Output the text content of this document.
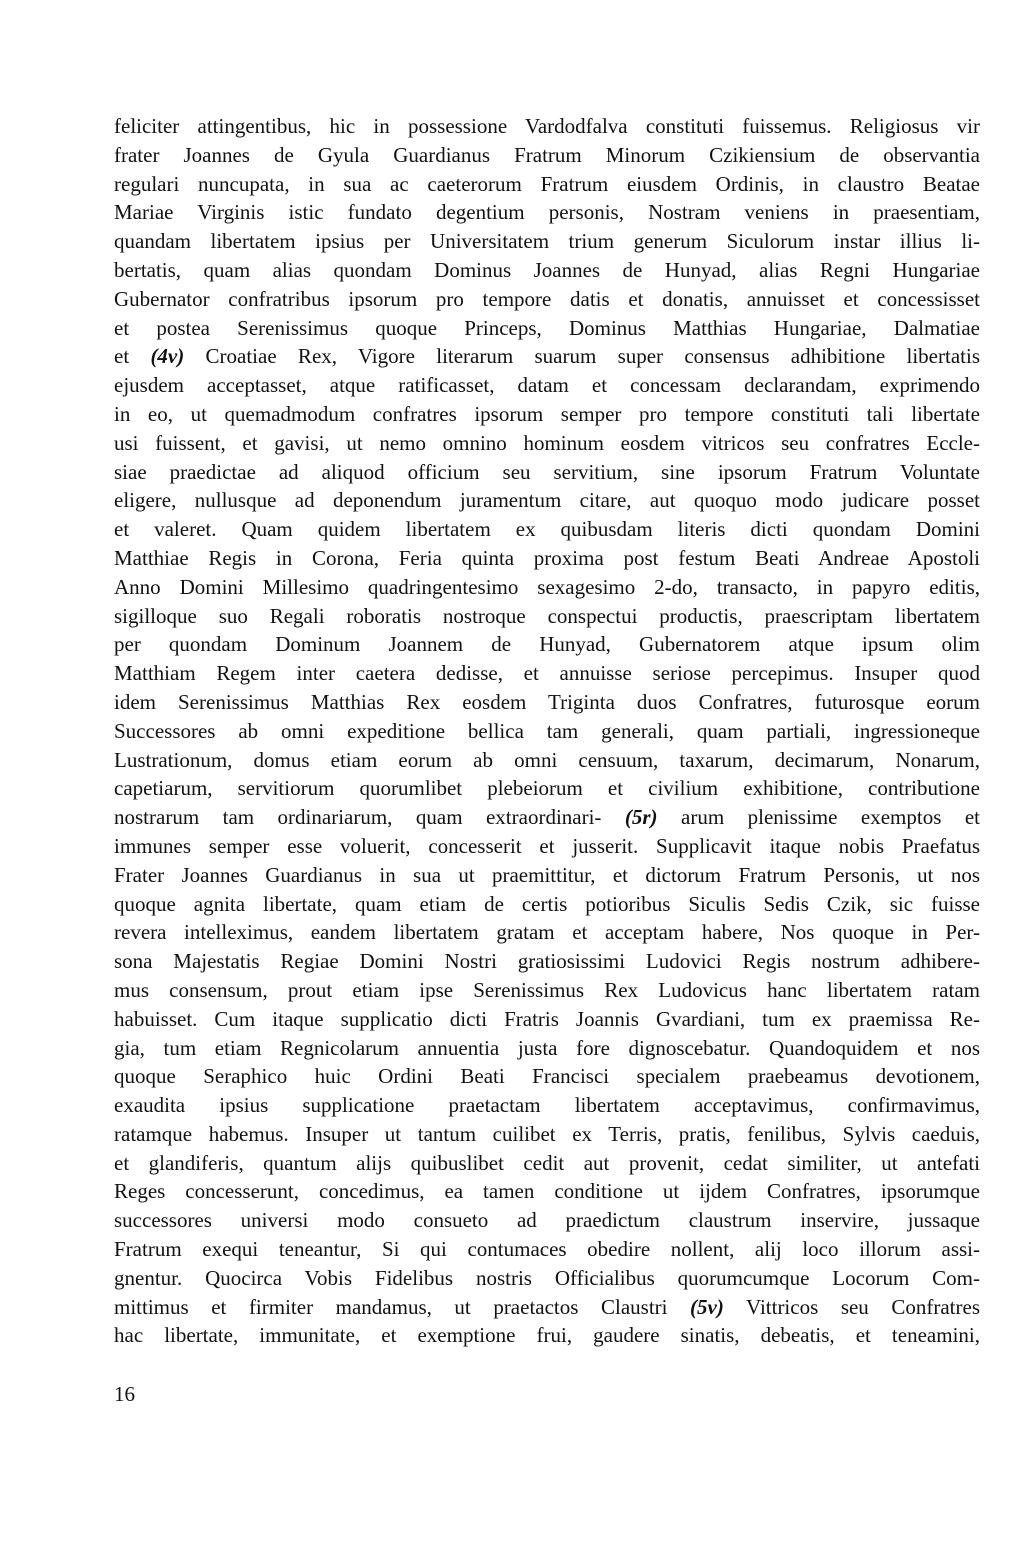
feliciter attingentibus, hic in possessione Vardodfalva constituti fuissemus. Religiosus vir
frater Joannes de Gyula Guardianus Fratrum Minorum Czikiensium de observantia
regulari nuncupata, in sua ac caeterorum Fratrum eiusdem Ordinis, in claustro Beatae
Mariae Virginis istic fundato degentium personis, Nostram veniens in praesentiam,
quandam libertatem ipsius per Universitatem trium generum Siculorum instar illius li-
bertatis, quam alias quondam Dominus Joannes de Hunyad, alias Regni Hungariae
Gubernator confratribus ipsorum pro tempore datis et donatis, annuisset et concessisset
et postea Serenissimus quoque Princeps, Dominus Matthias Hungariae, Dalmatiae
et (4v) Croatiae Rex, Vigore literarum suarum super consensus adhibitione libertatis
ejusdem acceptasset, atque ratificasset, datam et concessam declarandam, exprimendo
in eo, ut quemadmodum confratres ipsorum semper pro tempore constituti tali libertate
usi fuissent, et gavisi, ut nemo omnino hominum eosdem vitricos seu confratres Eccle-
siae praedictae ad aliquod officium seu servitium, sine ipsorum Fratrum Voluntate
eligere, nullusque ad deponendum juramentum citare, aut quoquo modo judicare posset
et valeret. Quam quidem libertatem ex quibusdam literis dicti quondam Domini
Matthiae Regis in Corona, Feria quinta proxima post festum Beati Andreae Apostoli
Anno Domini Millesimo quadringentesimo sexagesimo 2-do, transacto, in papyro editis,
sigilloque suo Regali roboratis nostroque conspectui productis, praescriptam libertatem
per quondam Dominum Joannem de Hunyad, Gubernatorem atque ipsum olim
Matthiam Regem inter caetera dedisse, et annuisse seriose percepimus. Insuper quod
idem Serenissimus Matthias Rex eosdem Triginta duos Confratres, futurosque eorum
Successores ab omni expeditione bellica tam generali, quam partiali, ingressioneque
Lustrationum, domus etiam eorum ab omni censuum, taxarum, decimarum, Nonarum,
capetiarum, servitiorum quorumlibet plebeiorum et civilium exhibitione, contributione
nostrarum tam ordinariarum, quam extraordinari- (5r) arum plenissime exemptos et
immunes semper esse voluerit, concesserit et jusserit. Supplicavit itaque nobis Praefatus
Frater Joannes Guardianus in sua ut praemittitur, et dictorum Fratrum Personis, ut nos
quoque agnita libertate, quam etiam de certis potioribus Siculis Sedis Czik, sic fuisse
revera intelleximus, eandem libertatem gratam et acceptam habere, Nos quoque in Per-
sona Majestatis Regiae Domini Nostri gratiosissimi Ludovici Regis nostrum adhibere-
mus consensum, prout etiam ipse Serenissimus Rex Ludovicus hanc libertatem ratam
habuisset. Cum itaque supplicatio dicti Fratris Joannis Gvardiani, tum ex praemissa Re-
gia, tum etiam Regnicolarum annuentia justa fore dignoscebatur. Quandoquidem et nos
quoque Seraphico huic Ordini Beati Francisci specialem praebeamus devotionem,
exaudita ipsius supplicatione praetactam libertatem acceptavimus, confirmavimus,
ratamque habemus. Insuper ut tantum cuilibet ex Terris, pratis, fenilibus, Sylvis caeduis,
et glandiferis, quantum alijs quibuslibet cedit aut provenit, cedat similiter, ut antefati
Reges concesserunt, concedimus, ea tamen conditione ut ijdem Confratres, ipsorumque
successores universi modo consueto ad praedictum claustrum inservire, jussaque
Fratrum exequi teneantur, Si qui contumaces obedire nollent, alij loco illorum assi-
gnentur. Quocirca Vobis Fidelibus nostris Officialibus quorumcumque Locorum Com-
mittimus et firmiter mandamus, ut praetactos Claustri (5v) Vittricos seu Confratres
hac libertate, immunitate, et exemptione frui, gaudere sinatis, debeatis, et teneamini,
16
